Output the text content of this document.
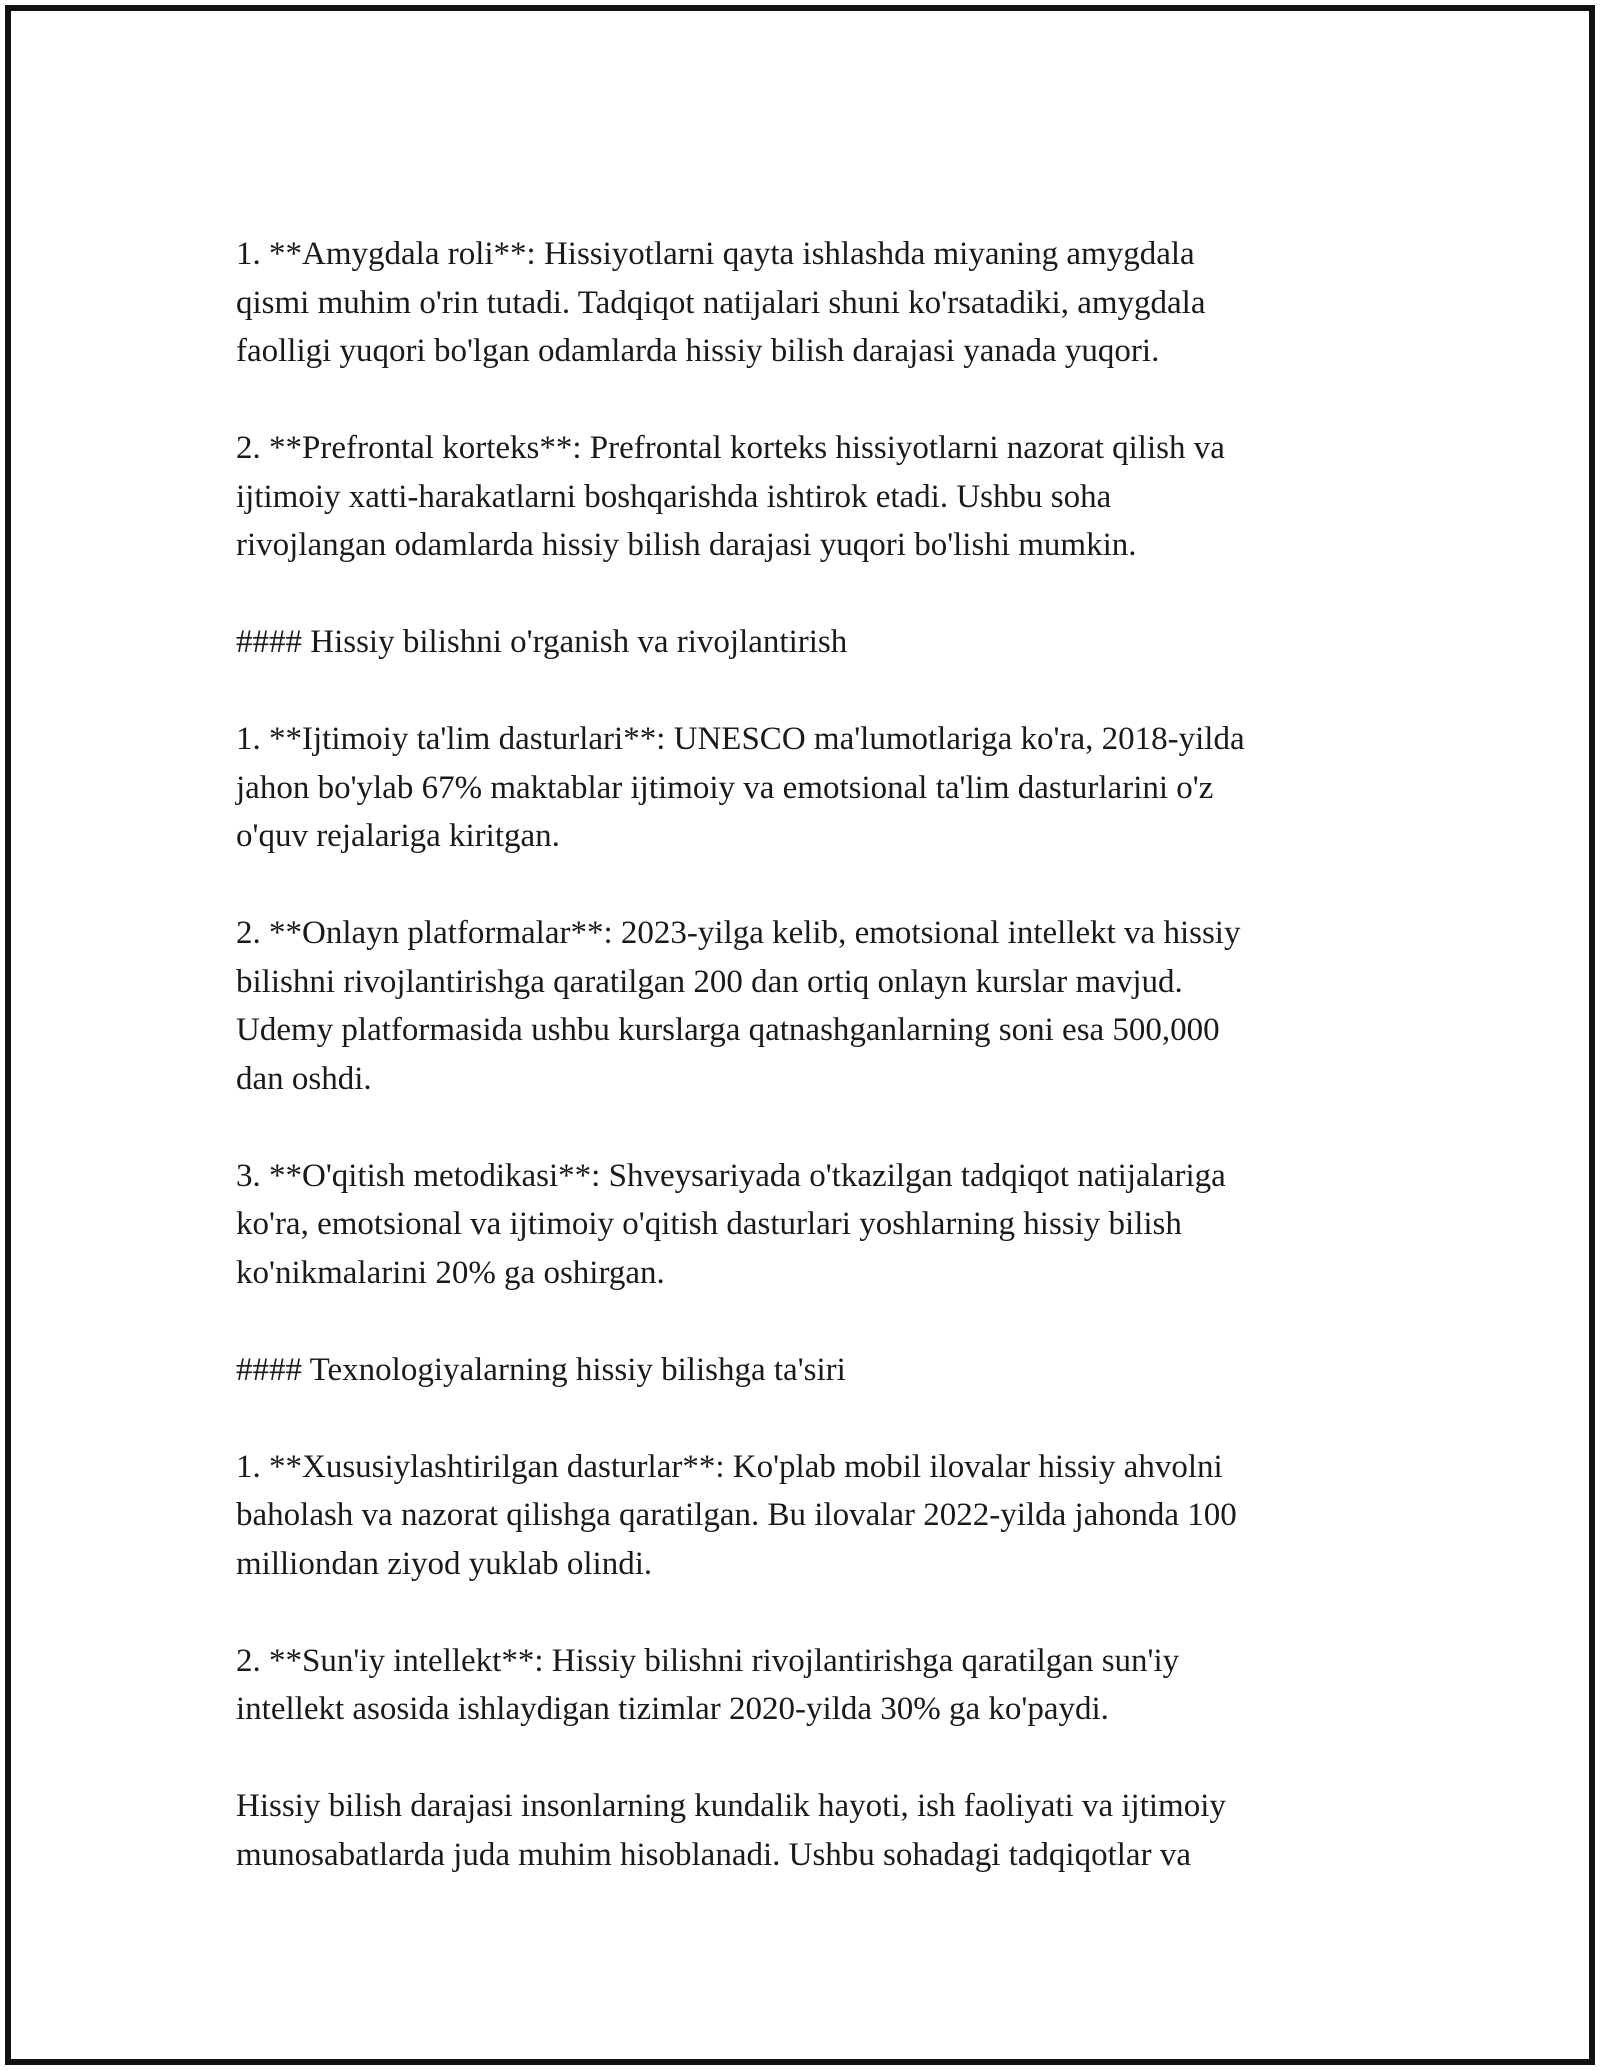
1. **Amygdala roli**: Hissiyotlarni qayta ishlashda miyaning amygdala
qismi muhim o'rin tutadi. Tadqiqot natijalari shuni ko'rsatadiki, amygdala
faolligi yuqori bo'lgan odamlarda hissiy bilish darajasi yanada yuqori.

2. **Prefrontal korteks**: Prefrontal korteks hissiyotlarni nazorat qilish va
ijtimoiy xatti-harakatlarni boshqarishda ishtirok etadi. Ushbu soha
rivojlangan odamlarda hissiy bilish darajasi yuqori bo'lishi mumkin.

#### Hissiy bilishni o'rganish va rivojlantirish

1. **Ijtimoiy ta'lim dasturlari**: UNESCO ma'lumotlariga ko'ra, 2018-yilda
jahon bo'ylab 67% maktablar ijtimoiy va emotsional ta'lim dasturlarini o'z
o'quv rejalariga kiritgan.

2. **Onlayn platformalar**: 2023-yilga kelib, emotsional intellekt va hissiy
bilishni rivojlantirishga qaratilgan 200 dan ortiq onlayn kurslar mavjud.
Udemy platformasida ushbu kurslarga qatnashganlarning soni esa 500,000
dan oshdi.

3. **O'qitish metodikasi**: Shveysariyada o'tkazilgan tadqiqot natijalariga
ko'ra, emotsional va ijtimoiy o'qitish dasturlari yoshlarning hissiy bilish
ko'nikmalarini 20% ga oshirgan.

#### Texnologiyalarning hissiy bilishga ta'siri

1. **Xususiylashtirilgan dasturlar**: Ko'plab mobil ilovalar hissiy ahvolni
baholash va nazorat qilishga qaratilgan. Bu ilovalar 2022-yilda jahonda 100
milliondan ziyod yuklab olindi.

2. **Sun'iy intellekt**: Hissiy bilishni rivojlantirishga qaratilgan sun'iy
intellekt asosida ishlaydigan tizimlar 2020-yilda 30% ga ko'paydi.

Hissiy bilish darajasi insonlarning kundalik hayoti, ish faoliyati va ijtimoiy
munosabatlarda juda muhim hisoblanadi. Ushbu sohadagi tadqiqotlar va
